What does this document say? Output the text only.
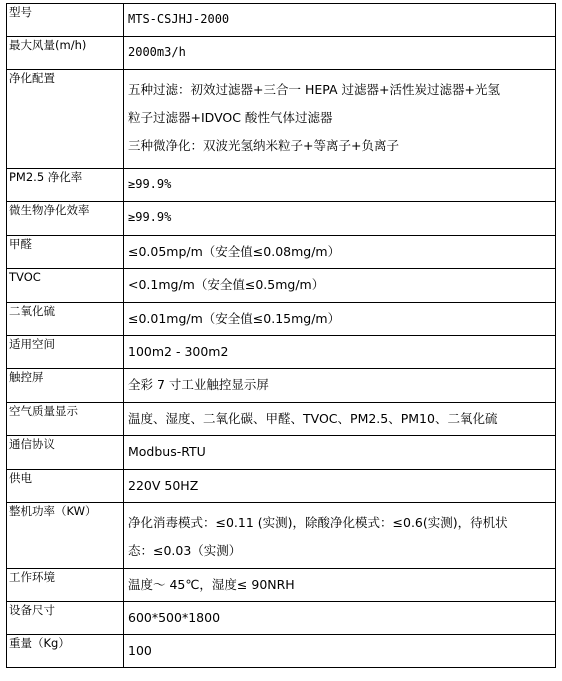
型号	MTS-CSJHJ-2000

最大风量(m/h)	2000m3/h

净化配置	五种过滤：初效过滤器+三合一 HEPA 过滤器+活性炭过滤器+光氢

粒子过滤器+IDVOC 酸性气体过滤器

三种微净化：双波光氢纳米粒子+等离子+负离子

PM2.5 净化率	≥99.9%

微生物净化效率	≥99.9%

甲醛	≤0.05mp/m（安全值≤0.08mg/m）

TVOC	<0.1mg/m（安全值≤0.5mg/m）

二氧化硫	≤0.01mg/m（安全值≤0.15mg/m）

适用空间	100m2 - 300m2

触控屏	全彩 7 寸工业触控显示屏

空气质量显示	温度、湿度、二氧化碳、甲醛、TVOC、PM2.5、PM10、二氧化硫

通信协议	Modbus-RTU

供电	220V 50HZ

整机功率（KW）	净化消毒模式：≤0.11 (实测)，除酸净化模式：≤0.6(实测)，待机状

态：≤0.03（实测）

工作环境	温度～ 45℃，湿度≤ 90NRH

设备尺寸	600*500*1800

重量（Kg）	100
